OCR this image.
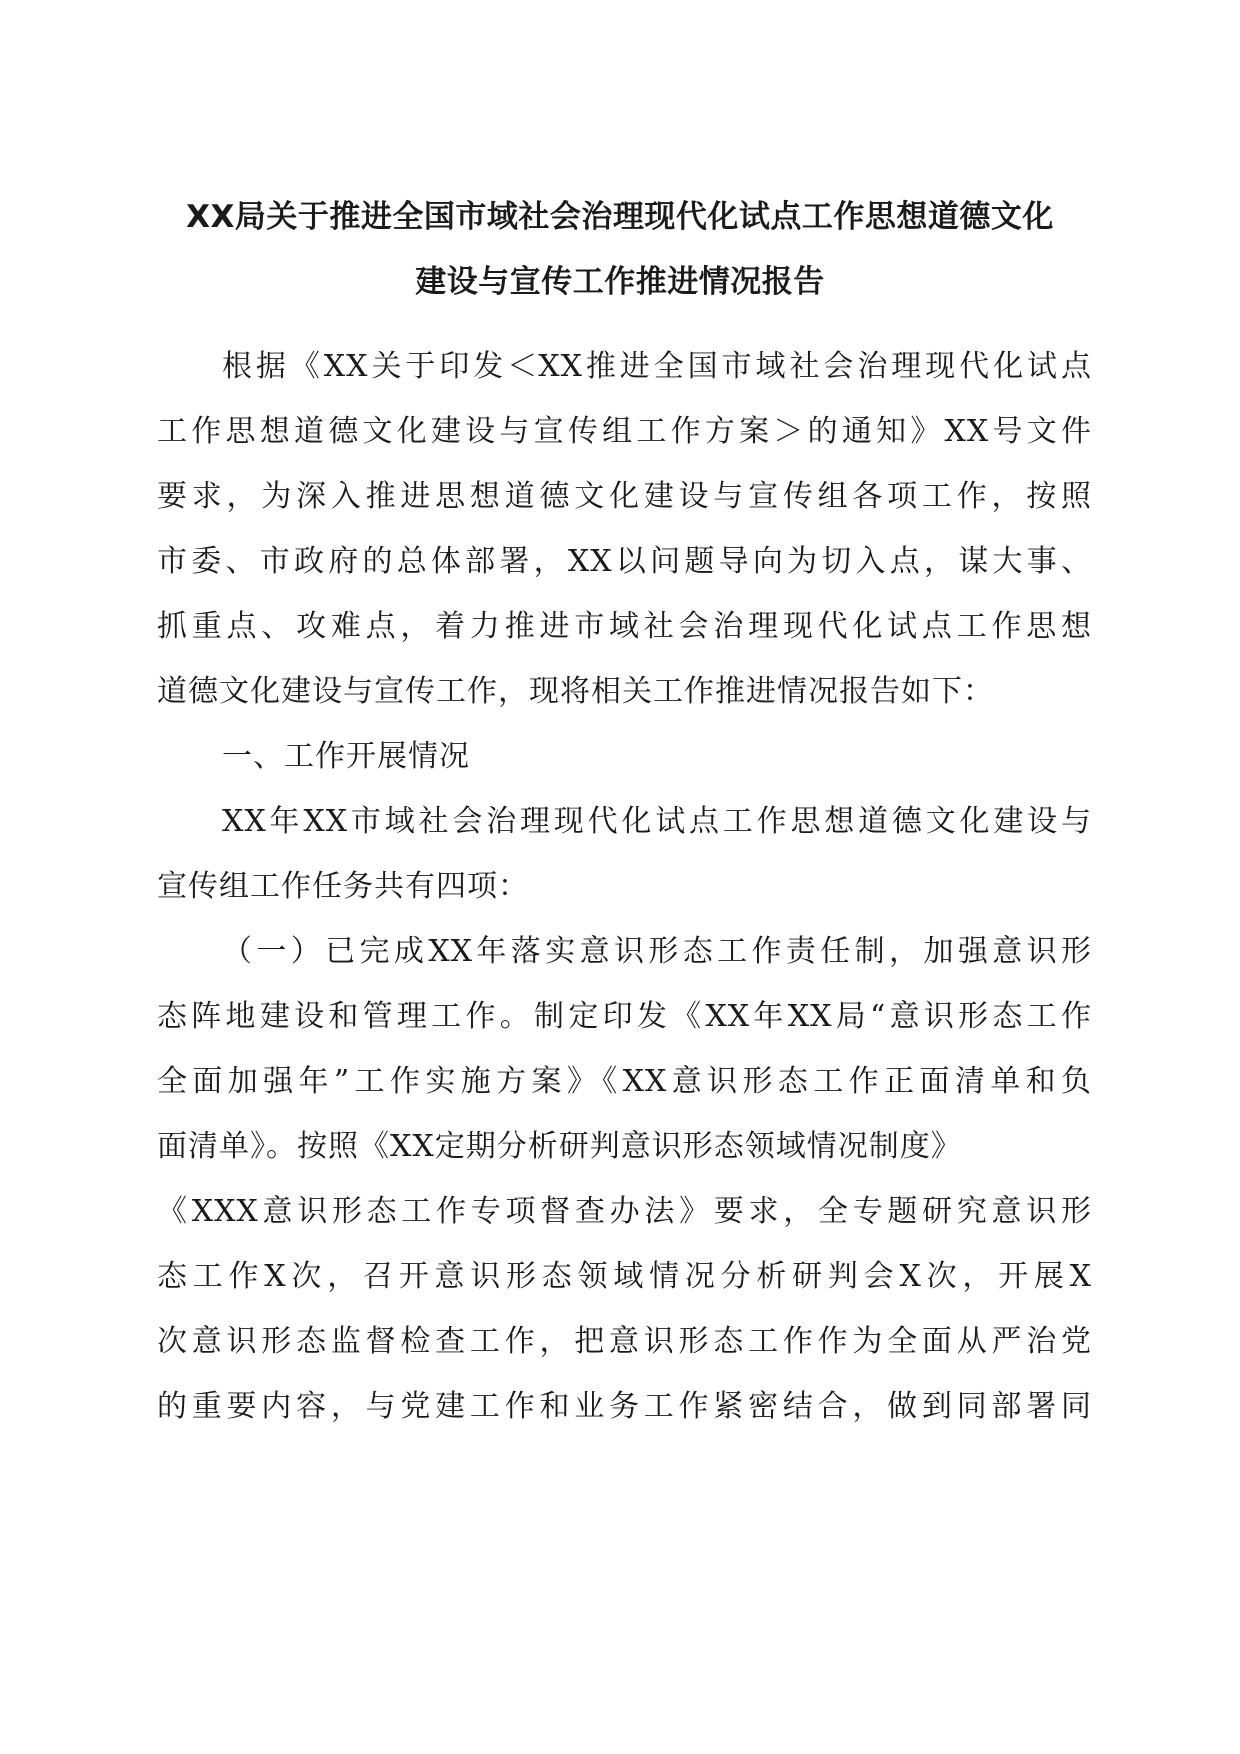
XX局关于推进全国市域社会治理现代化试点工作思想道德文化
建设与宣传工作推进情况报告
根据《XX关于印发＜XX推进全国市域社会治理现代化试点
工作思想道德文化建设与宣传组工作方案＞的通知》XX号文件
要求，为深入推进思想道德文化建设与宣传组各项工作，按照
市委、市政府的总体部署，XX以问题导向为切入点，谋大事、
抓重点、攻难点，着力推进市域社会治理现代化试点工作思想
道德文化建设与宣传工作，现将相关工作推进情况报告如下：
一、工作开展情况
XX年XX市域社会治理现代化试点工作思想道德文化建设与
宣传组工作任务共有四项：
（一）已完成XX年落实意识形态工作责任制，加强意识形
态阵地建设和管理工作。制定印发《XX年XX局“意识形态工作
全面加强年”工作实施方案》《XX意识形态工作正面清单和负
面清单》。按照《XX定期分析研判意识形态领域情况制度》
《XXX意识形态工作专项督查办法》要求，全专题研究意识形
态工作X次，召开意识形态领域情况分析研判会X次，开展X
次意识形态监督检查工作，把意识形态工作作为全面从严治党
的重要内容，与党建工作和业务工作紧密结合，做到同部署同
